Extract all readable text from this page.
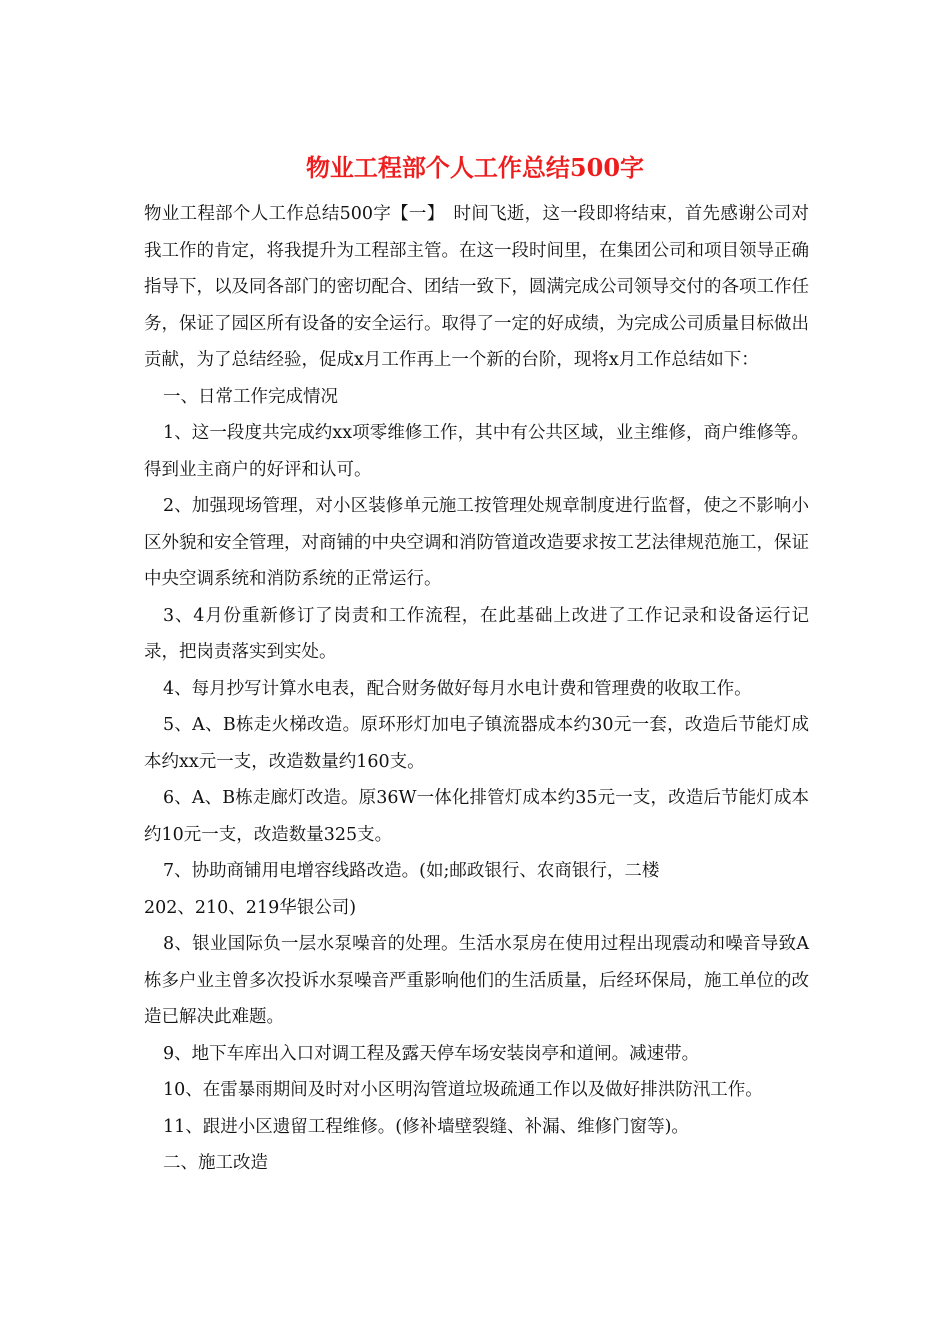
物业工程部个人工作总结500字

物业工程部个人工作总结500字【一】　时间飞逝，这一段即将结束，首先感谢公司对我工作的肯定，将我提升为工程部主管。在这一段时间里，在集团公司和项目领导正确指导下，以及同各部门的密切配合、团结一致下，圆满完成公司领导交付的各项工作任务，保证了园区所有设备的安全运行。取得了一定的好成绩，为完成公司质量目标做出贡献，为了总结经验，促成x月工作再上一个新的台阶，现将x月工作总结如下：

一、日常工作完成情况

1、这一段度共完成约xx项零维修工作，其中有公共区域，业主维修，商户维修等。得到业主商户的好评和认可。

2、加强现场管理，对小区装修单元施工按管理处规章制度进行监督，使之不影响小区外貌和安全管理，对商铺的中央空调和消防管道改造要求按工艺法律规范施工，保证中央空调系统和消防系统的正常运行。

3、4月份重新修订了岗责和工作流程，在此基础上改进了工作记录和设备运行记录，把岗责落实到实处。

4、每月抄写计算水电表，配合财务做好每月水电计费和管理费的收取工作。

5、A、B栋走火梯改造。原环形灯加电子镇流器成本约30元一套，改造后节能灯成本约xx元一支，改造数量约160支。

6、A、B栋走廊灯改造。原36W一体化排管灯成本约35元一支，改造后节能灯成本约10元一支，改造数量325支。

7、协助商铺用电增容线路改造。(如;邮政银行、农商银行，二楼

202、210、219华银公司)

8、银业国际负一层水泵噪音的处理。生活水泵房在使用过程出现震动和噪音导致A栋多户业主曾多次投诉水泵噪音严重影响他们的生活质量，后经环保局，施工单位的改造已解决此难题。

9、地下车库出入口对调工程及露天停车场安装岗亭和道闸。减速带。

10、在雷暴雨期间及时对小区明沟管道垃圾疏通工作以及做好排洪防汛工作。

11、跟进小区遗留工程维修。(修补墙壁裂缝、补漏、维修门窗等)。

二、施工改造
